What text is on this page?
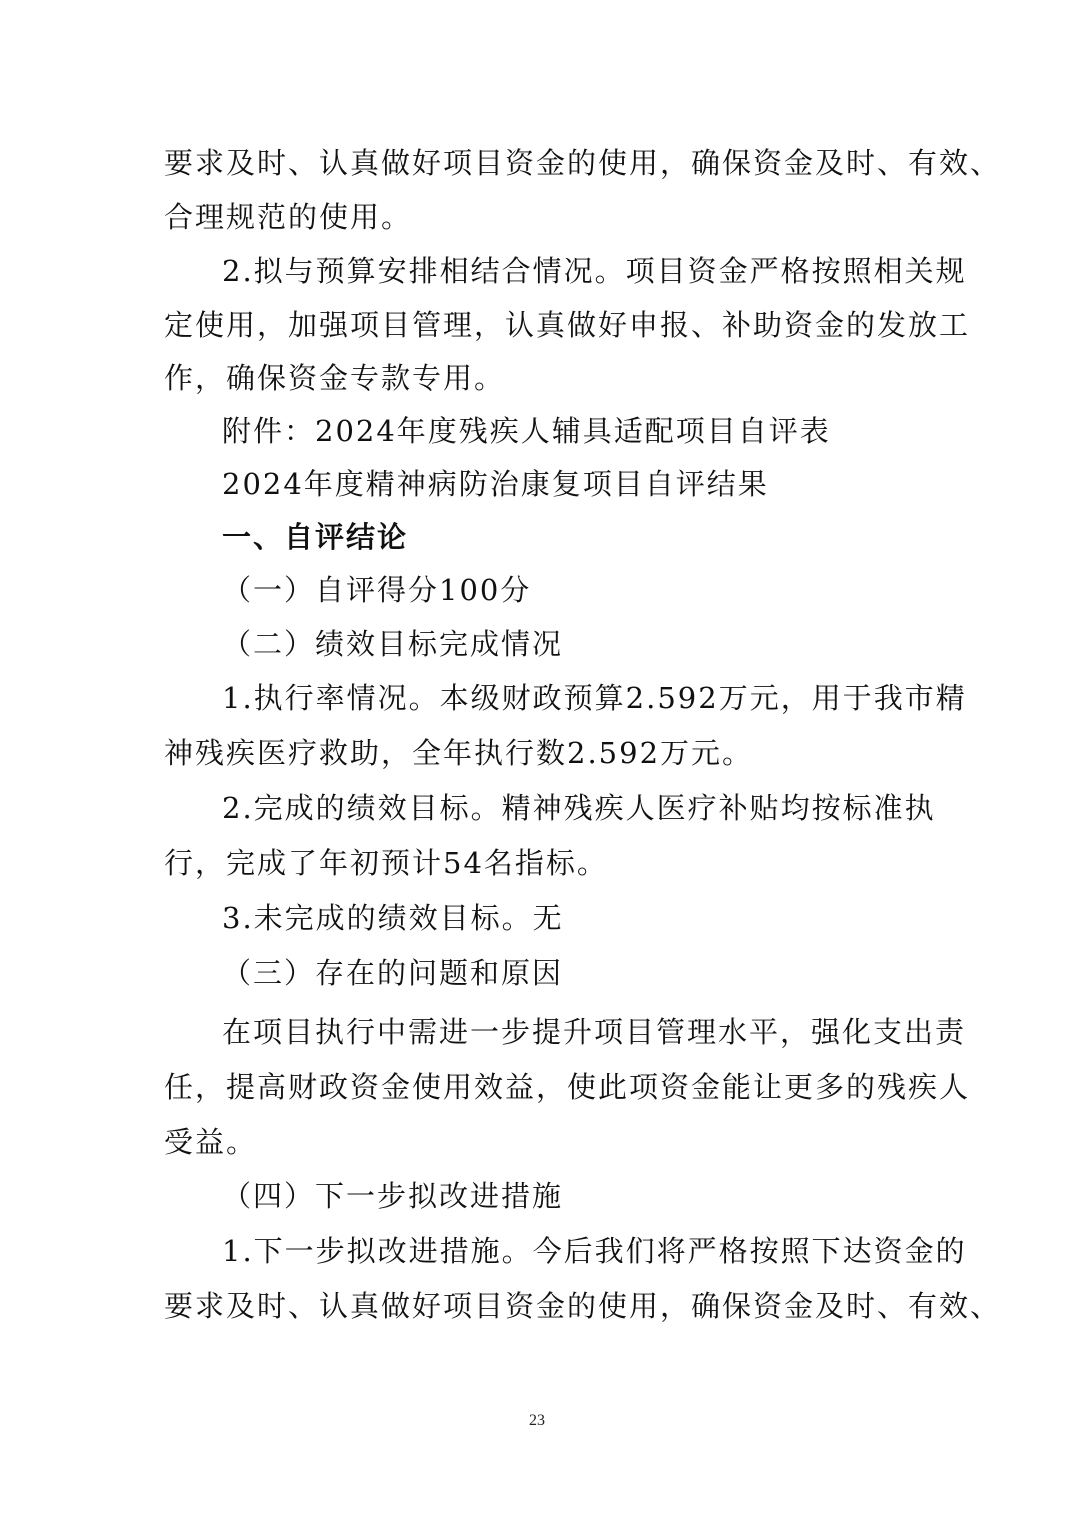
要求及时、认真做好项目资金的使用，确保资金及时、有效、
合理规范的使用。
2.拟与预算安排相结合情况。项目资金严格按照相关规
定使用，加强项目管理，认真做好申报、补助资金的发放工
作，确保资金专款专用。
附件：2024年度残疾人辅具适配项目自评表
2024年度精神病防治康复项目自评结果
一、自评结论
（一）自评得分100分
（二）绩效目标完成情况
1.执行率情况。本级财政预算2.592万元，用于我市精
神残疾医疗救助，全年执行数2.592万元。
2.完成的绩效目标。精神残疾人医疗补贴均按标准执
行，完成了年初预计54名指标。
3.未完成的绩效目标。无
（三）存在的问题和原因
在项目执行中需进一步提升项目管理水平，强化支出责
任，提高财政资金使用效益，使此项资金能让更多的残疾人
受益。
（四）下一步拟改进措施
1.下一步拟改进措施。今后我们将严格按照下达资金的
要求及时、认真做好项目资金的使用，确保资金及时、有效、
23
